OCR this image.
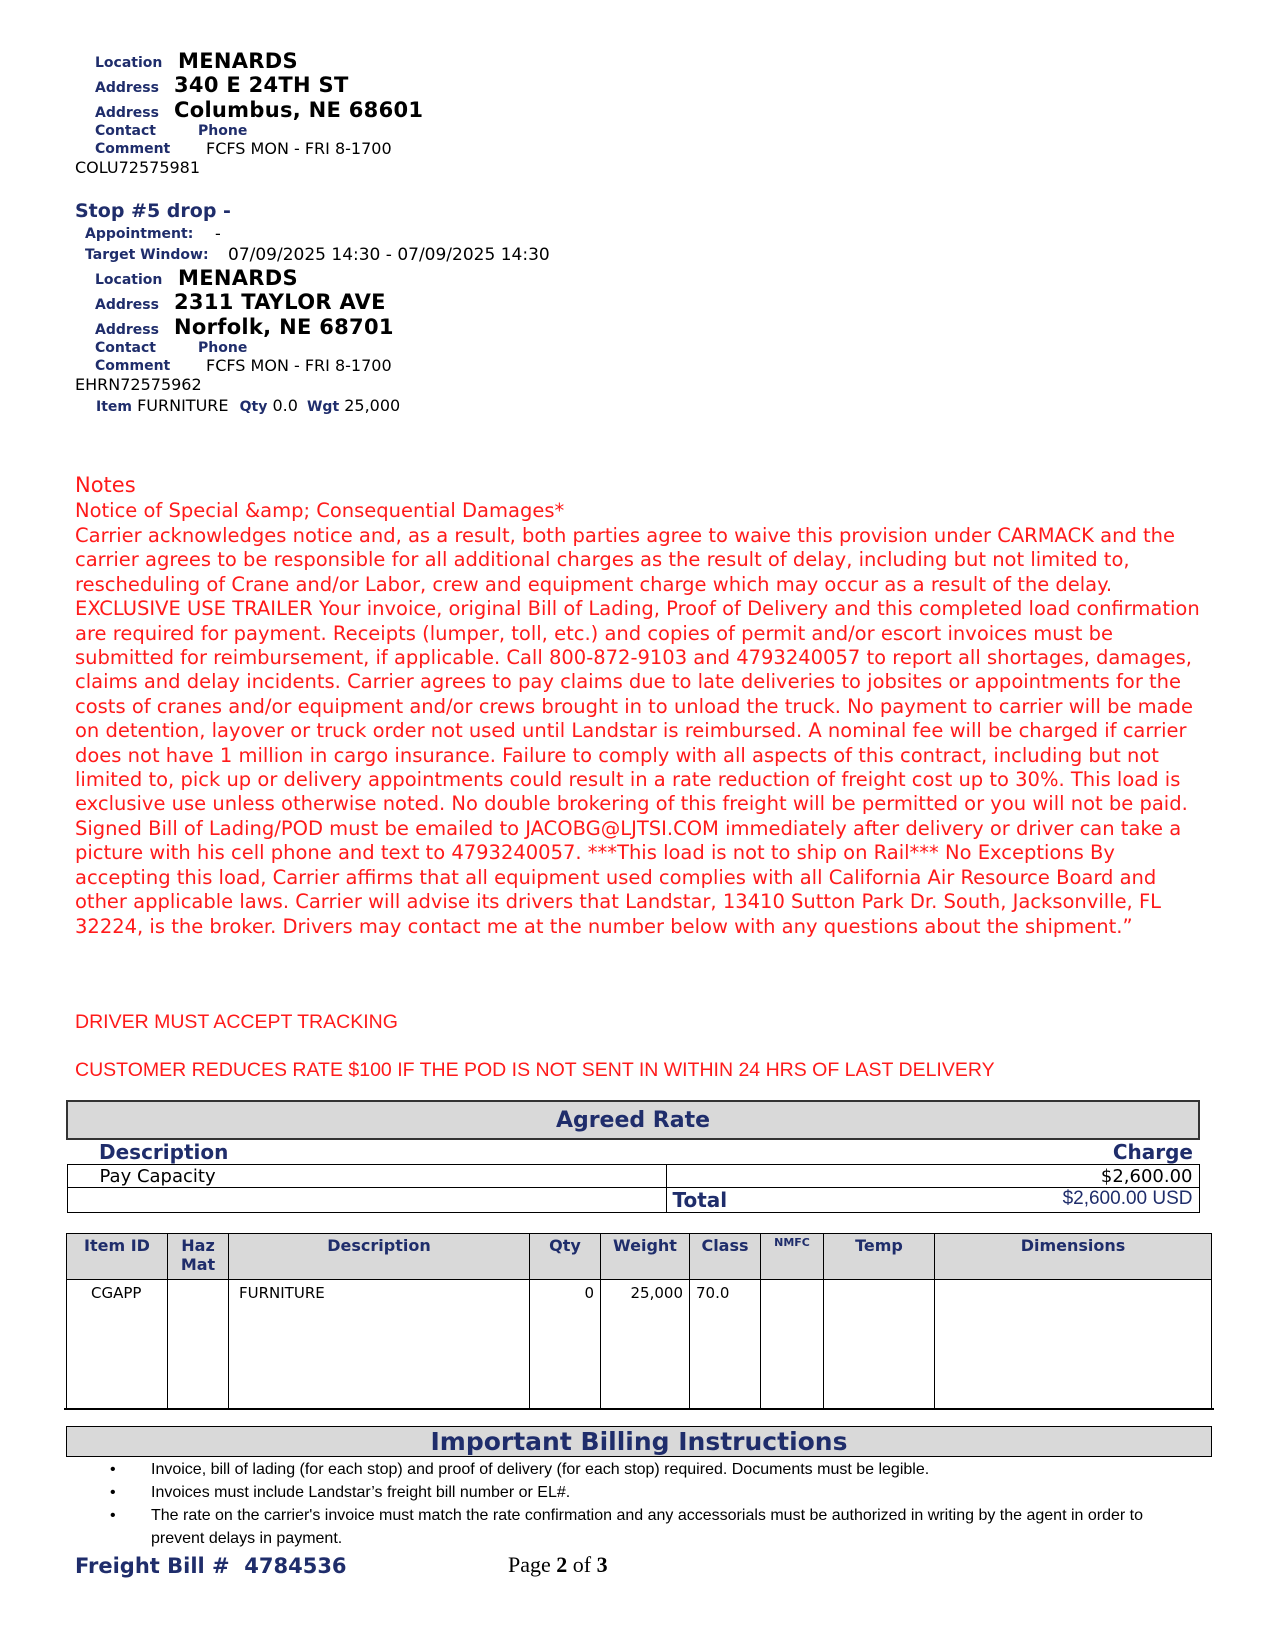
Location MENARDS
Address 340 E 24TH ST
Address Columbus, NE 68601
Contact	Phone
Comment FCFS MON - FRI 8-1700
COLU72575981
Stop #5 drop -
Appointment: -
Target Window: 07/09/2025 14:30 - 07/09/2025 14:30
Location MENARDS
Address 2311 TAYLOR AVE
Address Norfolk, NE 68701
Contact	Phone
Comment FCFS MON - FRI 8-1700
EHRN72575962
Item FURNITURE Qty 0.0 Wgt 25,000
Notes
Notice of Special &amp; Consequential Damages*
Carrier acknowledges notice and, as a result, both parties agree to waive this provision under CARMACK and the carrier agrees to be responsible for all additional charges as the result of delay, including but not limited to, rescheduling of Crane and/or Labor, crew and equipment charge which may occur as a result of the delay. EXCLUSIVE USE TRAILER Your invoice, original Bill of Lading, Proof of Delivery and this completed load confirmation are required for payment. Receipts (lumper, toll, etc.) and copies of permit and/or escort invoices must be submitted for reimbursement, if applicable. Call 800-872-9103 and 4793240057 to report all shortages, damages, claims and delay incidents. Carrier agrees to pay claims due to late deliveries to jobsites or appointments for the costs of cranes and/or equipment and/or crews brought in to unload the truck. No payment to carrier will be made on detention, layover or truck order not used until Landstar is reimbursed. A nominal fee will be charged if carrier does not have 1 million in cargo insurance. Failure to comply with all aspects of this contract, including but not limited to, pick up or delivery appointments could result in a rate reduction of freight cost up to 30%. This load is exclusive use unless otherwise noted. No double brokering of this freight will be permitted or you will not be paid. Signed Bill of Lading/POD must be emailed to JACOBG@LJTSI.COM immediately after delivery or driver can take a picture with his cell phone and text to 4793240057. ***This load is not to ship on Rail*** No Exceptions By accepting this load, Carrier affirms that all equipment used complies with all California Air Resource Board and other applicable laws. Carrier will advise its drivers that Landstar, 13410 Sutton Park Dr. South, Jacksonville, FL 32224, is the broker. Drivers may contact me at the number below with any questions about the shipment.”
DRIVER MUST ACCEPT TRACKING
CUSTOMER REDUCES RATE $100 IF THE POD IS NOT SENT IN WITHIN 24 HRS OF LAST DELIVERY
Agreed Rate	
Description	Charge
Pay Capacity	$2,600.00
	Total $2,600.00 USD
Item ID	Haz Mat	Description	Qty	Weight	Class	NMFC	Temp	Dimensions
CGAPP		FURNITURE	0	25,000	70.0			
Important Billing Instructions
• Invoice, bill of lading (for each stop) and proof of delivery (for each stop) required. Documents must be legible.
• Invoices must include Landstar’s freight bill number or EL#.
• The rate on the carrier's invoice must match the rate confirmation and any accessorials must be authorized in writing by the agent in order to prevent delays in payment.
Freight Bill # 4784536	Page 2 of 3
